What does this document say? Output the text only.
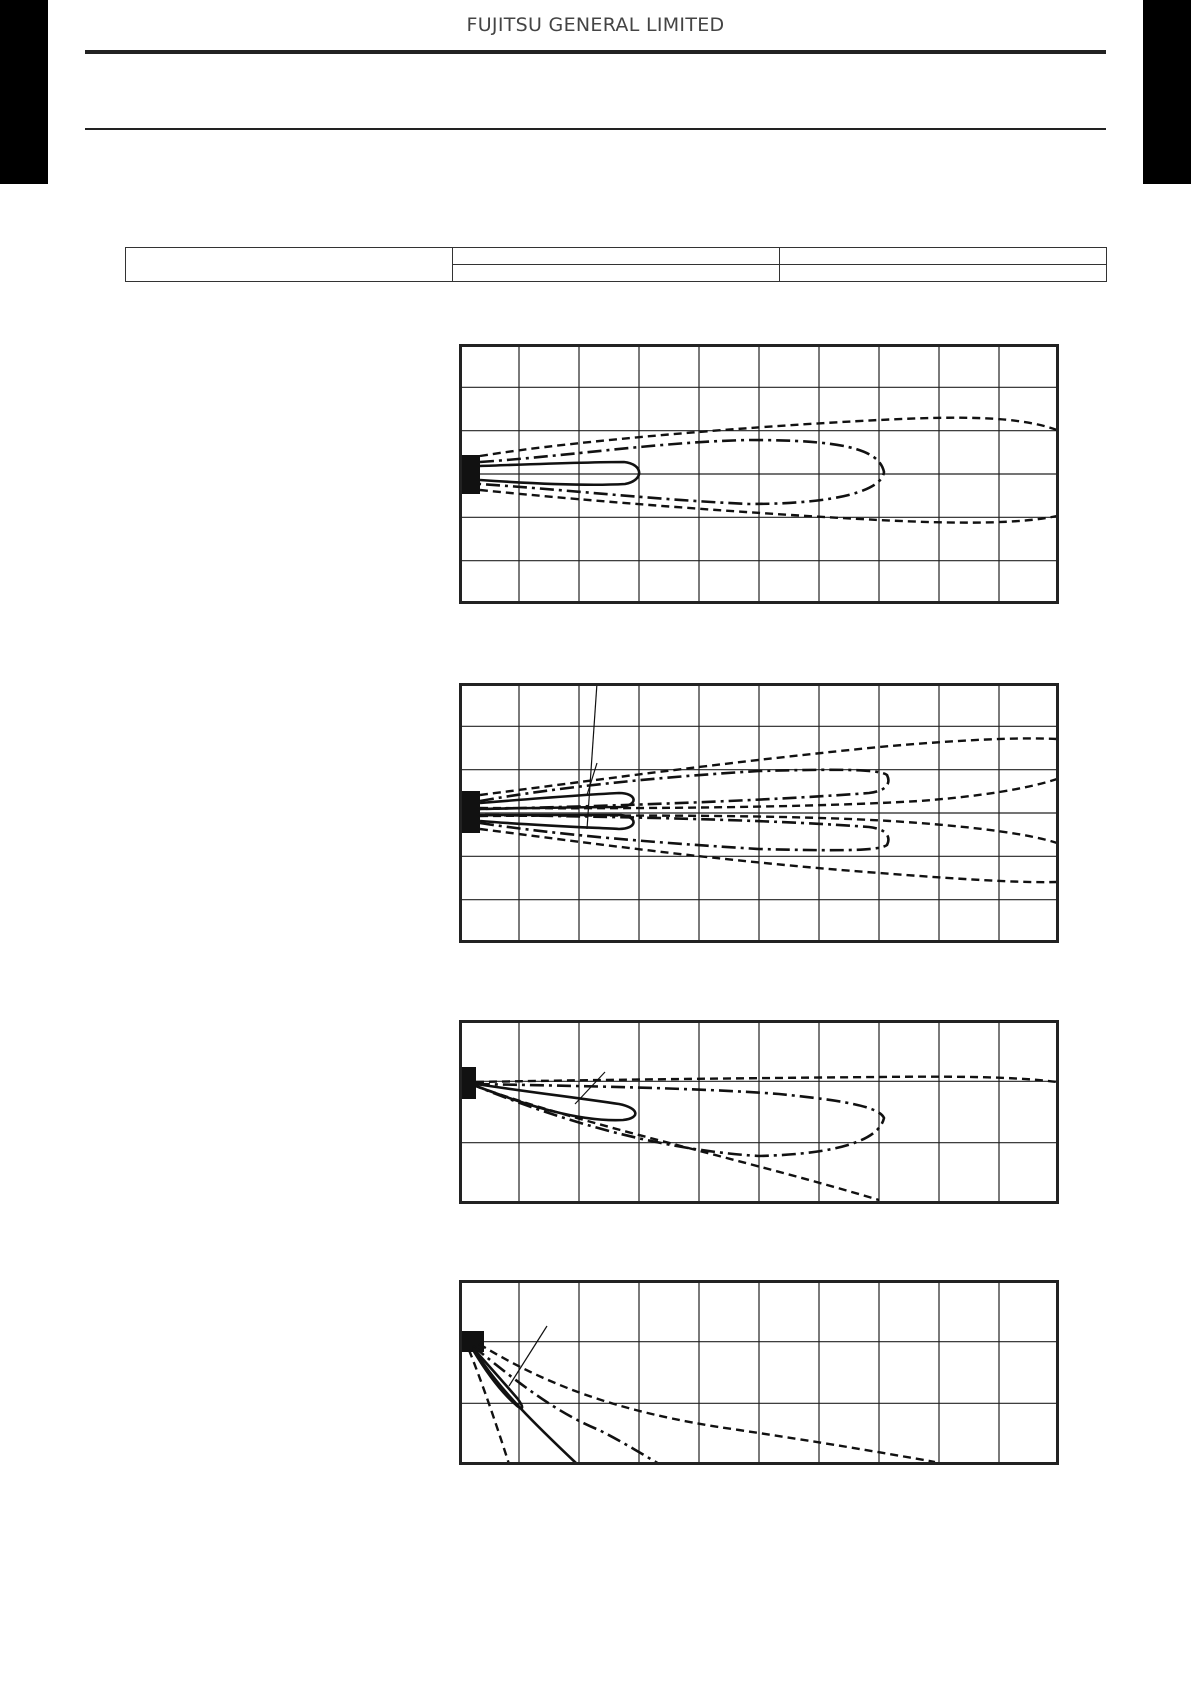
FUJITSU GENERAL LIMITED
